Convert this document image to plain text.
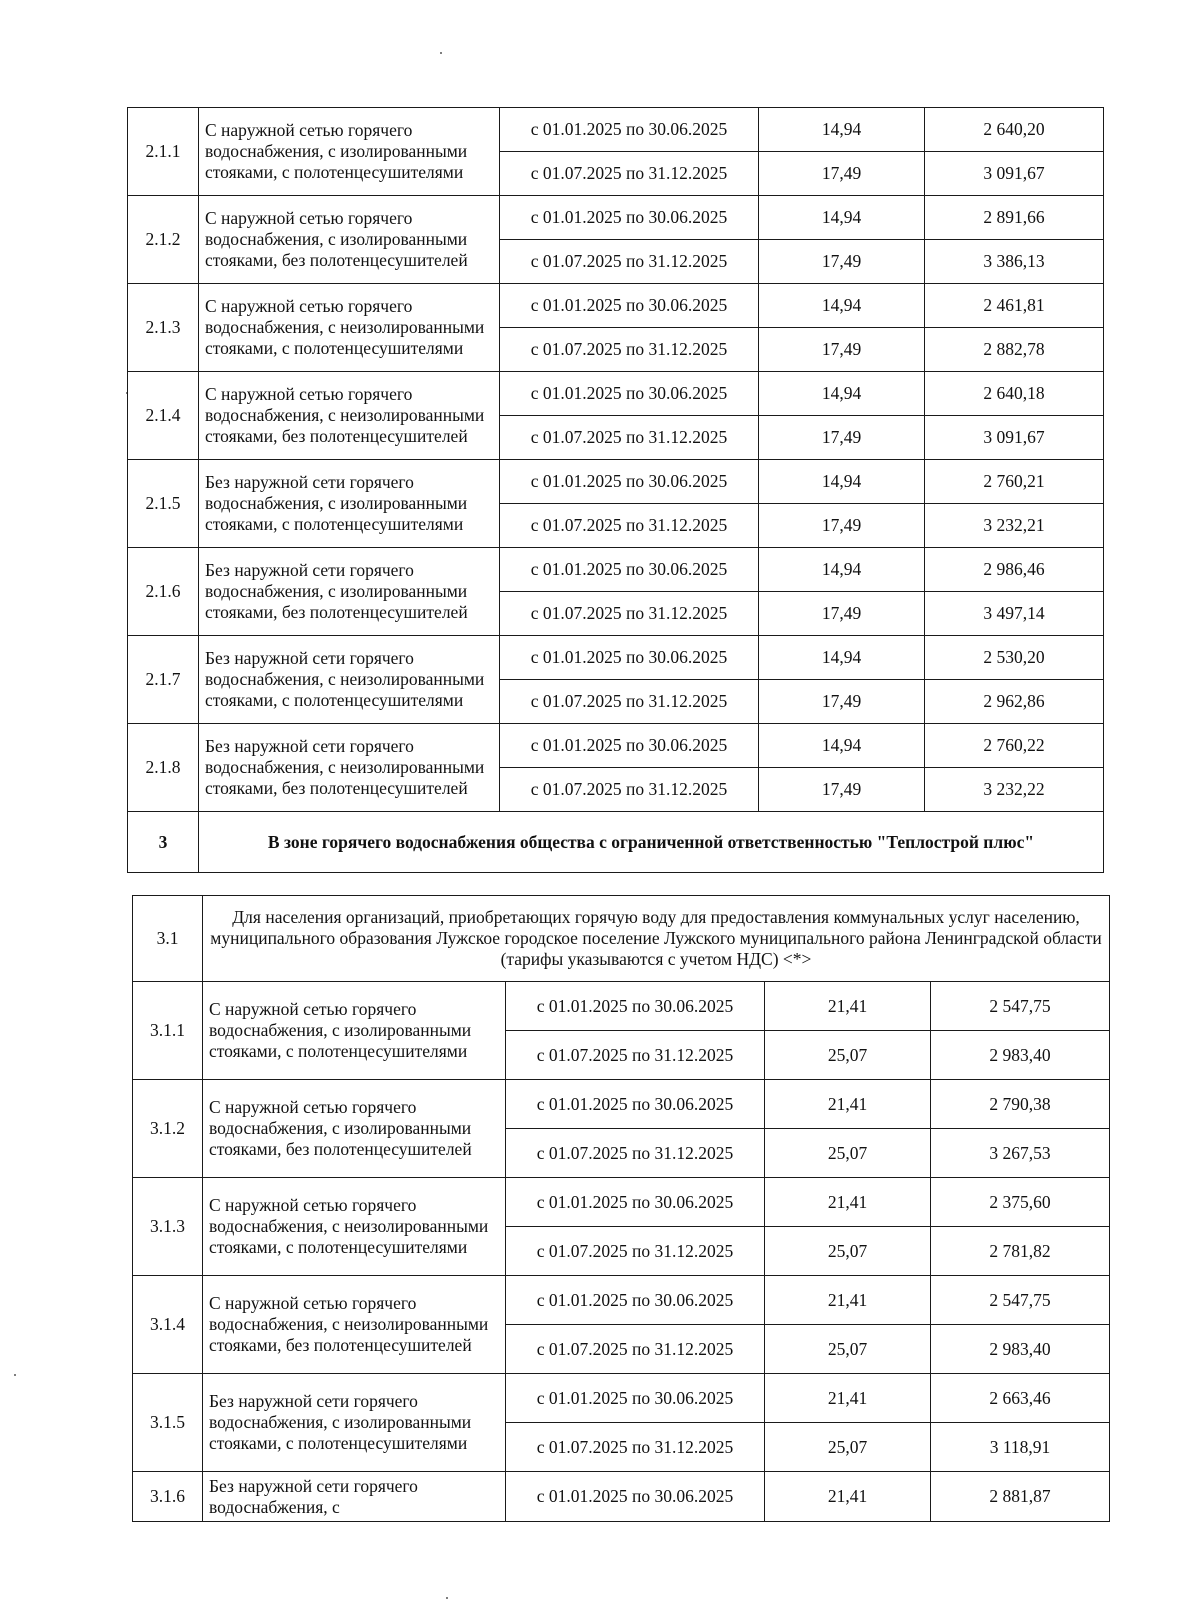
2.1.1	С наружной сетью горячего водоснабжения, с изолированными стояками, с полотенцесушителями	с 01.01.2025 по 30.06.2025	14,94	2 640,20
		с 01.07.2025 по 31.12.2025	17,49	3 091,67
2.1.2	С наружной сетью горячего водоснабжения, с изолированными стояками, без полотенцесушителей	с 01.01.2025 по 30.06.2025	14,94	2 891,66
		с 01.07.2025 по 31.12.2025	17,49	3 386,13
2.1.3	С наружной сетью горячего водоснабжения, с неизолированными стояками, с полотенцесушителями	с 01.01.2025 по 30.06.2025	14,94	2 461,81
		с 01.07.2025 по 31.12.2025	17,49	2 882,78
2.1.4	С наружной сетью горячего водоснабжения, с неизолированными стояками, без полотенцесушителей	с 01.01.2025 по 30.06.2025	14,94	2 640,18
		с 01.07.2025 по 31.12.2025	17,49	3 091,67
2.1.5	Без наружной сети горячего водоснабжения, с изолированными стояками, с полотенцесушителями	с 01.01.2025 по 30.06.2025	14,94	2 760,21
		с 01.07.2025 по 31.12.2025	17,49	3 232,21
2.1.6	Без наружной сети горячего водоснабжения, с изолированными стояками, без полотенцесушителей	с 01.01.2025 по 30.06.2025	14,94	2 986,46
		с 01.07.2025 по 31.12.2025	17,49	3 497,14
2.1.7	Без наружной сети горячего водоснабжения, с неизолированными стояками, с полотенцесушителями	с 01.01.2025 по 30.06.2025	14,94	2 530,20
		с 01.07.2025 по 31.12.2025	17,49	2 962,86
2.1.8	Без наружной сети горячего водоснабжения, с неизолированными стояками, без полотенцесушителей	с 01.01.2025 по 30.06.2025	14,94	2 760,22
		с 01.07.2025 по 31.12.2025	17,49	3 232,22
3	В зоне горячего водоснабжения общества с ограниченной ответственностью "Теплострой плюс"			
3.1	Для населения организаций, приобретающих горячую воду для предоставления коммунальных услуг населению, муниципального образования Лужское городское поселение Лужского муниципального района Ленинградской области (тарифы указываются с учетом НДС) <*>			
3.1.1	С наружной сетью горячего водоснабжения, с изолированными стояками, с полотенцесушителями	с 01.01.2025 по 30.06.2025	21,41	2 547,75
		с 01.07.2025 по 31.12.2025	25,07	2 983,40
3.1.2	С наружной сетью горячего водоснабжения, с изолированными стояками, без полотенцесушителей	с 01.01.2025 по 30.06.2025	21,41	2 790,38
		с 01.07.2025 по 31.12.2025	25,07	3 267,53
3.1.3	С наружной сетью горячего водоснабжения, с неизолированными стояками, с полотенцесушителями	с 01.01.2025 по 30.06.2025	21,41	2 375,60
		с 01.07.2025 по 31.12.2025	25,07	2 781,82
3.1.4	С наружной сетью горячего водоснабжения, с неизолированными стояками, без полотенцесушителей	с 01.01.2025 по 30.06.2025	21,41	2 547,75
		с 01.07.2025 по 31.12.2025	25,07	2 983,40
3.1.5	Без наружной сети горячего водоснабжения, с изолированными стояками, с полотенцесушителями	с 01.01.2025 по 30.06.2025	21,41	2 663,46
		с 01.07.2025 по 31.12.2025	25,07	3 118,91
3.1.6	Без наружной сети горячего водоснабжения, с	с 01.01.2025 по 30.06.2025	21,41	2 881,87
